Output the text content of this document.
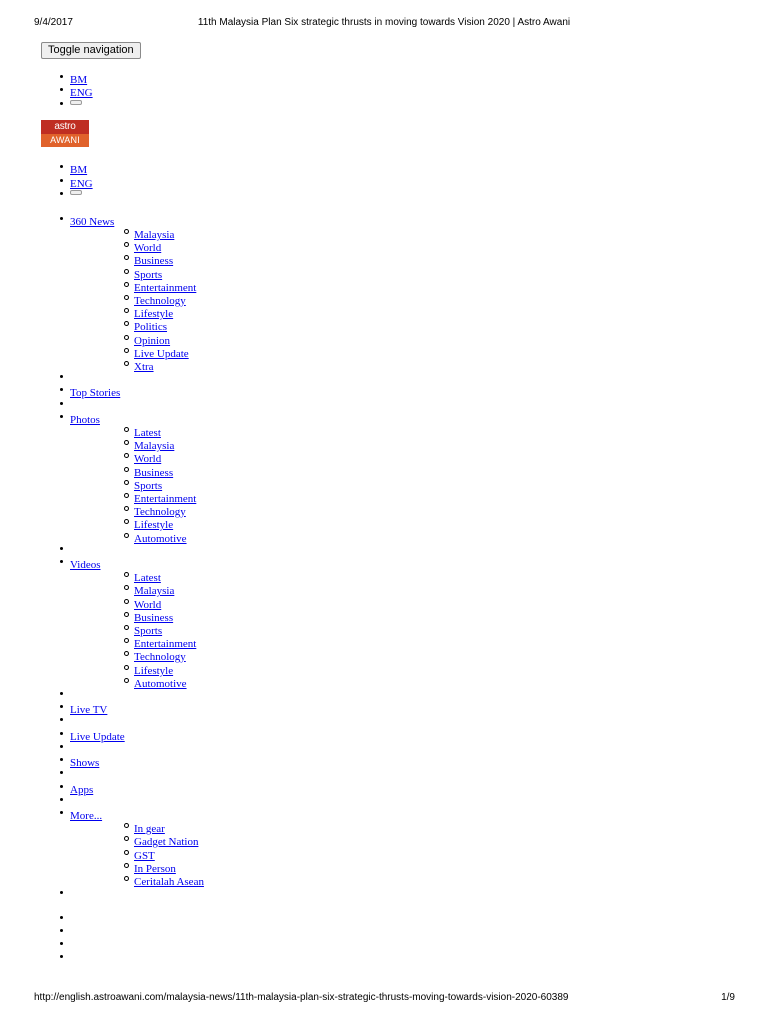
9/4/2017	11th Malaysia Plan Six strategic thrusts in moving towards Vision 2020 | Astro Awani
Toggle navigation
BM
ENG
astro
AWANI
BM
ENG
360 News
Malaysia
World
Business
Sports
Entertainment
Technology
Lifestyle
Politics
Opinion
Live Update
Xtra
Top Stories
Photos
Latest
Malaysia
World
Business
Sports
Entertainment
Technology
Lifestyle
Automotive
Videos
Latest
Malaysia
World
Business
Sports
Entertainment
Technology
Lifestyle
Automotive
Live TV
Live Update
Shows
Apps
More...
In gear
Gadget Nation
GST
In Person
Ceritalah Asean
http://english.astroawani.com/malaysia-news/11th-malaysia-plan-six-strategic-thrusts-moving-towards-vision-2020-60389	1/9
